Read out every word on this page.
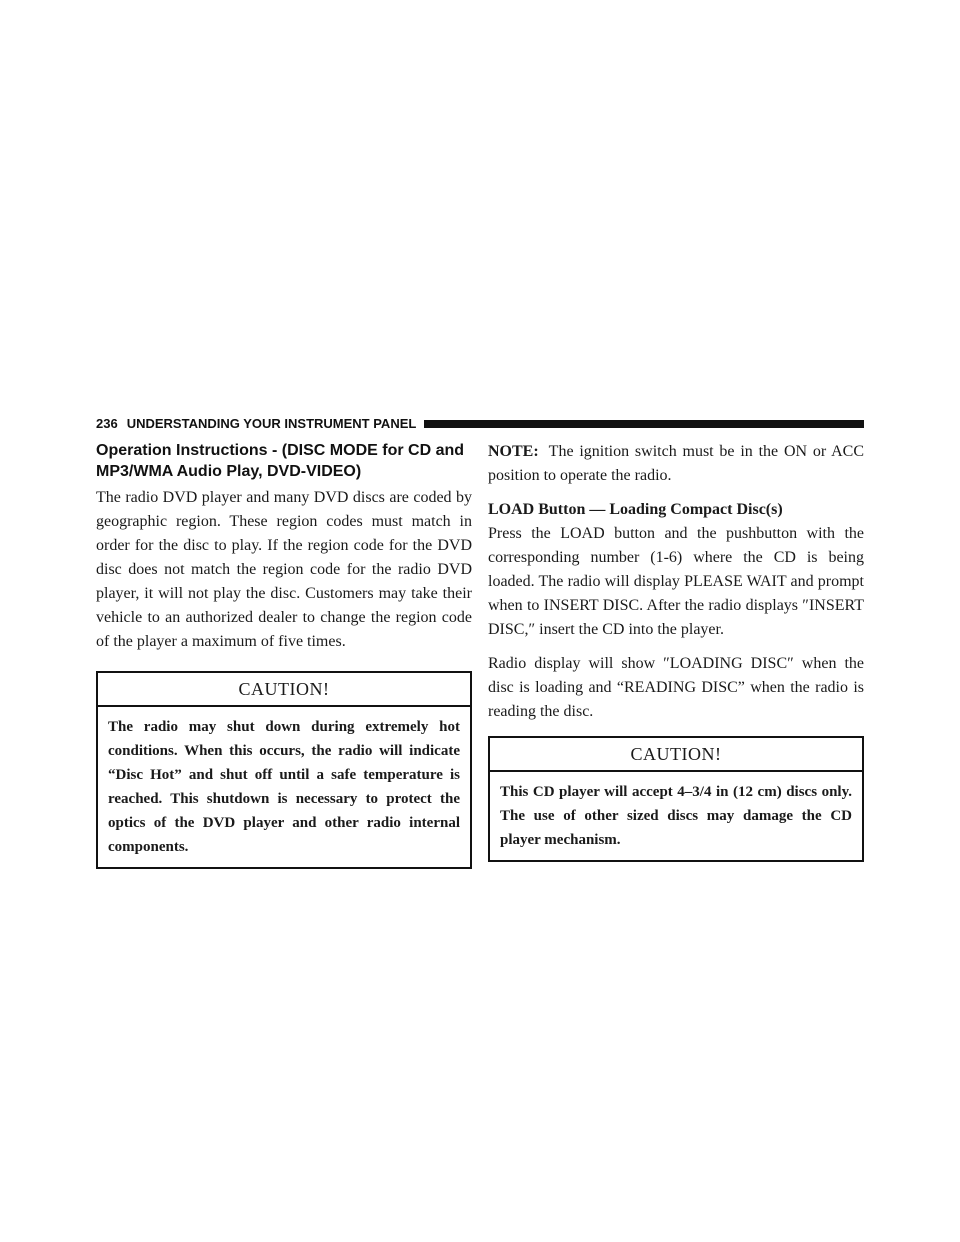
236 UNDERSTANDING YOUR INSTRUMENT PANEL
Operation Instructions - (DISC MODE for CD and MP3/WMA Audio Play, DVD-VIDEO)

The radio DVD player and many DVD discs are coded by geographic region. These region codes must match in order for the disc to play. If the region code for the DVD disc does not match the region code for the radio DVD player, it will not play the disc. Customers may take their vehicle to an authorized dealer to change the region code of the player a maximum of five times.

CAUTION!
The radio may shut down during extremely hot conditions. When this occurs, the radio will indicate “Disc Hot” and shut off until a safe temperature is reached. This shutdown is necessary to protect the optics of the DVD player and other radio internal components.

NOTE: The ignition switch must be in the ON or ACC position to operate the radio.

LOAD Button — Loading Compact Disc(s)

Press the LOAD button and the pushbutton with the corresponding number (1-6) where the CD is being loaded. The radio will display PLEASE WAIT and prompt when to INSERT DISC. After the radio displays ″INSERT DISC,″ insert the CD into the player.

Radio display will show ″LOADING DISC″ when the disc is loading and “READING DISC” when the radio is reading the disc.

CAUTION!
This CD player will accept 4–3/4 in (12 cm) discs only. The use of other sized discs may damage the CD player mechanism.
